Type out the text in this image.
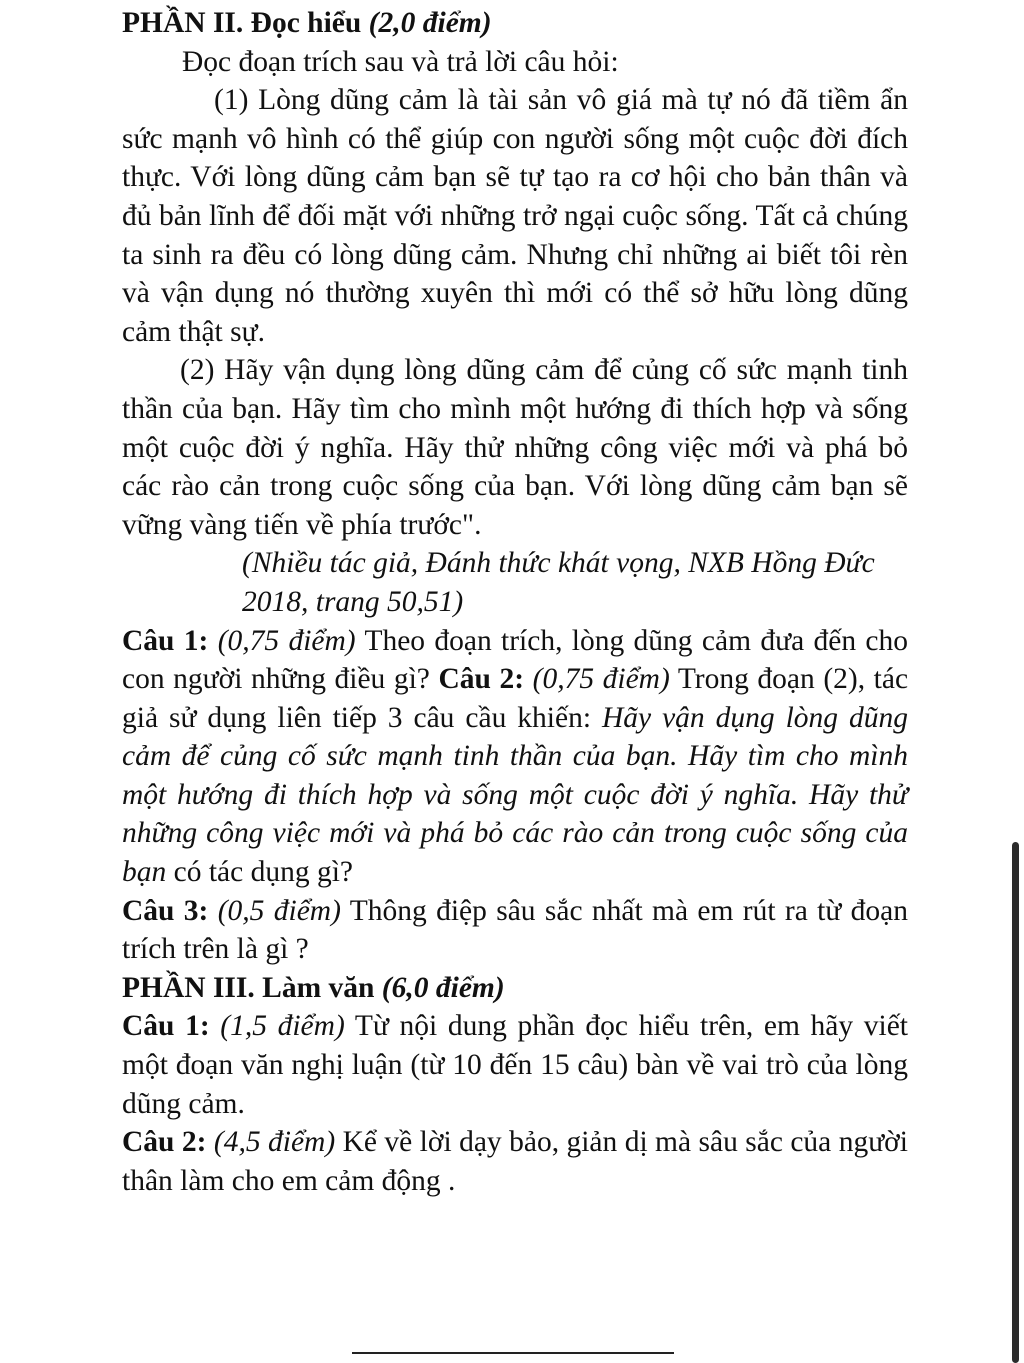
PHẦN II. Đọc hiểu (2,0 điểm)

Đọc đoạn trích sau và trả lời câu hỏi:

(1) Lòng dũng cảm là tài sản vô giá mà tự nó đã tiềm ẩn sức mạnh vô hình có thể giúp con người sống một cuộc đời đích thực. Với lòng dũng cảm bạn sẽ tự tạo ra cơ hội cho bản thân và đủ bản lĩnh để đối mặt với những trở ngại cuộc sống. Tất cả chúng ta sinh ra đều có lòng dũng cảm. Nhưng chỉ những ai biết tôi rèn và vận dụng nó thường xuyên thì mới có thể sở hữu lòng dũng cảm thật sự.

(2) Hãy vận dụng lòng dũng cảm để củng cố sức mạnh tinh thần của bạn. Hãy tìm cho mình một hướng đi thích hợp và sống một cuộc đời ý nghĩa. Hãy thử những công việc mới và phá bỏ các rào cản trong cuộc sống của bạn. Với lòng dũng cảm bạn sẽ vững vàng tiến về phía trước".

(Nhiều tác giả, Đánh thức khát vọng, NXB Hồng Đức 2018, trang 50,51)

Câu 1: (0,75 điểm) Theo đoạn trích, lòng dũng cảm đưa đến cho con người những điều gì? Câu 2: (0,75 điểm) Trong đoạn (2), tác giả sử dụng liên tiếp 3 câu cầu khiến: Hãy vận dụng lòng dũng cảm để củng cố sức mạnh tinh thần của bạn. Hãy tìm cho mình một hướng đi thích hợp và sống một cuộc đời ý nghĩa. Hãy thử những công việc mới và phá bỏ các rào cản trong cuộc sống của bạn có tác dụng gì?

Câu 3: (0,5 điểm) Thông điệp sâu sắc nhất mà em rút ra từ đoạn trích trên là gì ?

PHẦN III. Làm văn (6,0 điểm)

Câu 1: (1,5 điểm) Từ nội dung phần đọc hiểu trên, em hãy viết một đoạn văn nghị luận (từ 10 đến 15 câu) bàn về vai trò của lòng dũng cảm.

Câu 2: (4,5 điểm) Kể về lời dạy bảo, giản dị mà sâu sắc của người thân làm cho em cảm động .
